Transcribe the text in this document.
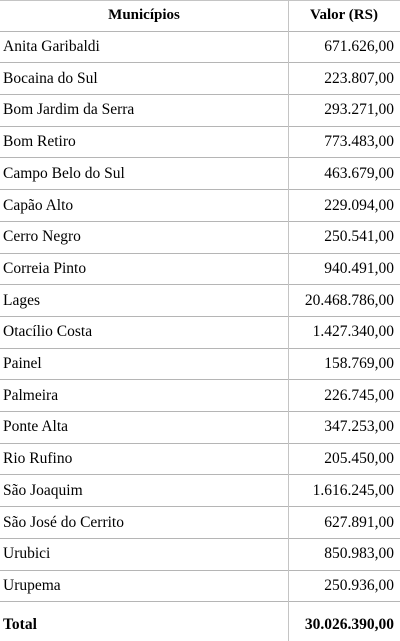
Municípios	Valor (RS)
Anita Garibaldi	671.626,00
Bocaina do Sul	223.807,00
Bom Jardim da Serra	293.271,00
Bom Retiro	773.483,00
Campo Belo do Sul	463.679,00
Capão Alto	229.094,00
Cerro Negro	250.541,00
Correia Pinto	940.491,00
Lages	20.468.786,00
Otacílio Costa	1.427.340,00
Painel	158.769,00
Palmeira	226.745,00
Ponte Alta	347.253,00
Rio Rufino	205.450,00
São Joaquim	1.616.245,00
São José do Cerrito	627.891,00
Urubici	850.983,00
Urupema	250.936,00
Total	30.026.390,00
